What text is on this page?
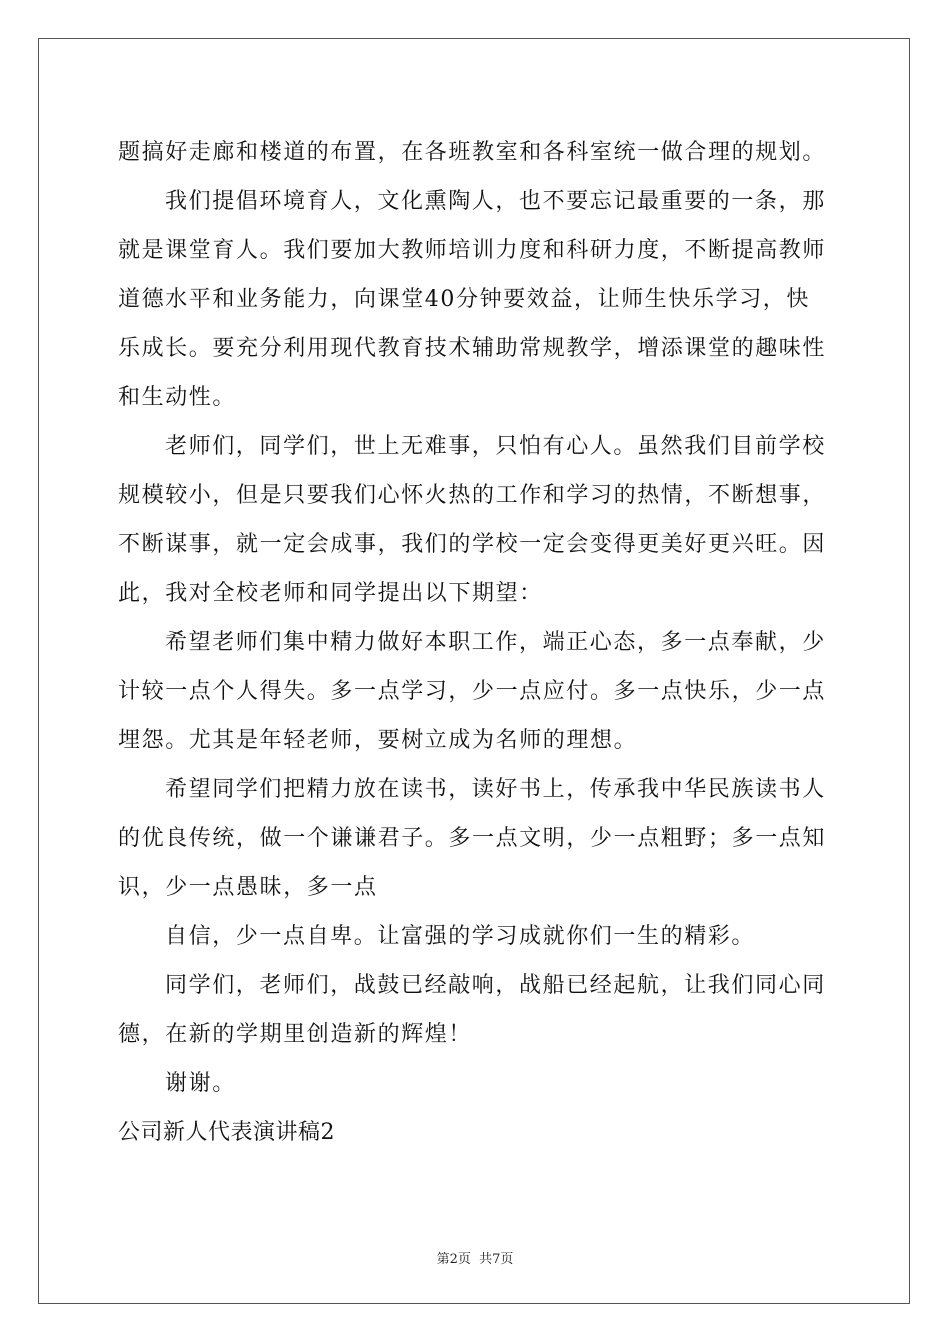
题搞好走廊和楼道的布置，在各班教室和各科室统一做合理的规划。
我们提倡环境育人，文化熏陶人，也不要忘记最重要的一条，那
就是课堂育人。我们要加大教师培训力度和科研力度，不断提高教师
道德水平和业务能力，向课堂40分钟要效益，让师生快乐学习，快
乐成长。要充分利用现代教育技术辅助常规教学，增添课堂的趣味性
和生动性。
老师们，同学们，世上无难事，只怕有心人。虽然我们目前学校
规模较小，但是只要我们心怀火热的工作和学习的热情，不断想事，
不断谋事，就一定会成事，我们的学校一定会变得更美好更兴旺。因
此，我对全校老师和同学提出以下期望：
希望老师们集中精力做好本职工作，端正心态，多一点奉献，少
计较一点个人得失。多一点学习，少一点应付。多一点快乐，少一点
埋怨。尤其是年轻老师，要树立成为名师的理想。
希望同学们把精力放在读书，读好书上，传承我中华民族读书人
的优良传统，做一个谦谦君子。多一点文明，少一点粗野；多一点知
识，少一点愚昧，多一点
自信，少一点自卑。让富强的学习成就你们一生的精彩。
同学们，老师们，战鼓已经敲响，战船已经起航，让我们同心同
德，在新的学期里创造新的辉煌！
谢谢。
公司新人代表演讲稿2
第2页 共7页
